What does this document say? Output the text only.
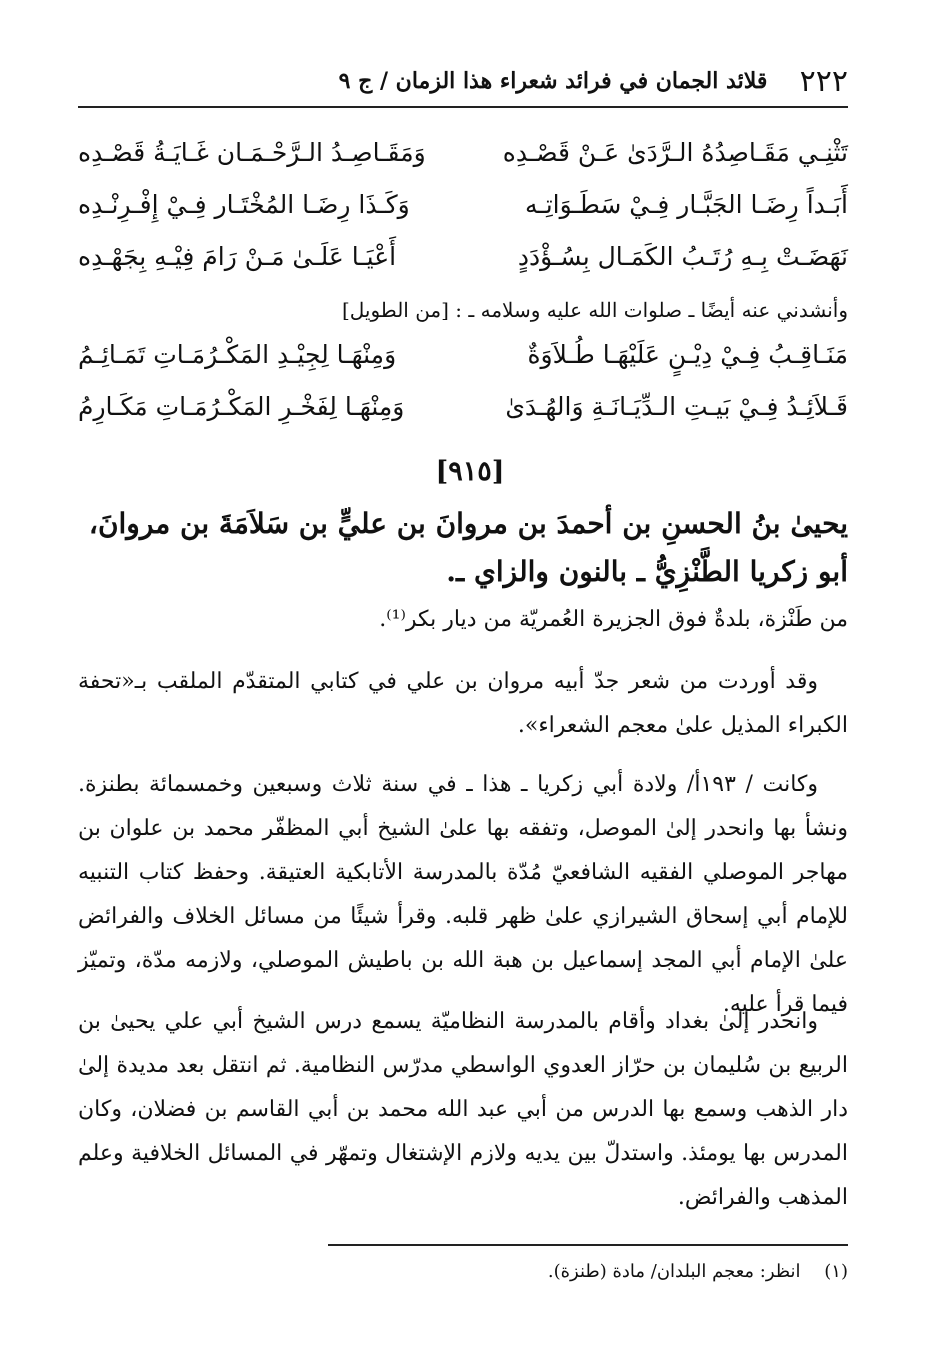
٢٢٢
قلائد الجمان في فرائد شعراء هذا الزمان / ج ٩
تَثْنِـي مَقَـاصِدُهُ الـرَّدَىٰ عَـنْ قَصْـدِه
وَمَقَـاصِـدُ الـرَّحْـمَـان غَـايَـةُ قَصْـدِه
أَبَـداً رِضَـا الجَبَّـار فِـيْ سَطَـوَاتِـه
وَكَـذَا رِضَـا المُخْتَـار فِـيْ إِفْـرِنْـدِه
نَهَضَـتْ بِـهِ رُتَـبُ الكَمَـال بِسُـؤْدَدٍ
أَعْيَـا عَلَـىٰ مَـنْ رَامَ فِيْـهِ بِجَهْـدِه
وأنشدني عنه أيضًا ـ صلوات الله عليه وسلامه ـ : [من الطويل]
مَنَـاقِـبُ فِـيْ دِيْـنٍ عَلَيْهَـا طُـلاَوَةٌ
وَمِنْهَـا لِجِيْـدِ المَكْـرُمَـاتِ تَمَـائِـمُ
قَـلاَئِـدُ فِـيْ بَيـتِ الـدِّيَـانَـةِ وَالهُـدَىٰ
وَمِنْهَـا لِفَخْـرِ المَكْـرُمَـاتِ مَكَـارِمُ
[٩١٥]
يحيىٰ بنُ الحسنِ بن أحمدَ بن مروانَ بن عليٍّ بن سَلاَمَةَ بن مروانَ،
أبو زكريا الطَّنْزِيُّ ـ بالنون والزاي ـ.

من طَنْزة، بلدةٌ فوق الجزيرة العُمريّة من ديار بكر⁽¹⁾.

وقد أوردت من شعر جدّ أبيه مروان بن علي في كتابي المتقدّم الملقب بـ«تحفة الكبراء المذيل علىٰ معجم الشعراء».

وكانت / ١٩٣أ/ ولادة أبي زكريا ـ هذا ـ في سنة ثلاث وسبعين وخمسمائة بطنزة. ونشأ بها وانحدر إلىٰ الموصل، وتفقه بها علىٰ الشيخ أبي المظفّر محمد بن علوان بن مهاجر الموصلي الفقيه الشافعيّ مُدّة بالمدرسة الأتابكية العتيقة. وحفظ كتاب التنبيه للإمام أبي إسحاق الشيرازي علىٰ ظهر قلبه. وقرأ شيئًا من مسائل الخلاف والفرائض علىٰ الإمام أبي المجد إسماعيل بن هبة الله بن باطيش الموصلي، ولازمه مدّة، وتميّز فيما قرأ عليه.

وانحدر إلىٰ بغداد وأقام بالمدرسة النظاميّة يسمع درس الشيخ أبي علي يحيىٰ بن الربيع بن سُليمان بن حرّاز العدوي الواسطي مدرّس النظامية. ثم انتقل بعد مديدة إلىٰ دار الذهب وسمع بها الدرس من أبي عبد الله محمد بن أبي القاسم بن فضلان، وكان المدرس بها يومئذ. واستدلّ بين يديه ولازم الإشتغال وتمهّر في المسائل الخلافية وعلم المذهب والفرائض.

(١) انظر: معجم البلدان/ مادة (طنزة).
